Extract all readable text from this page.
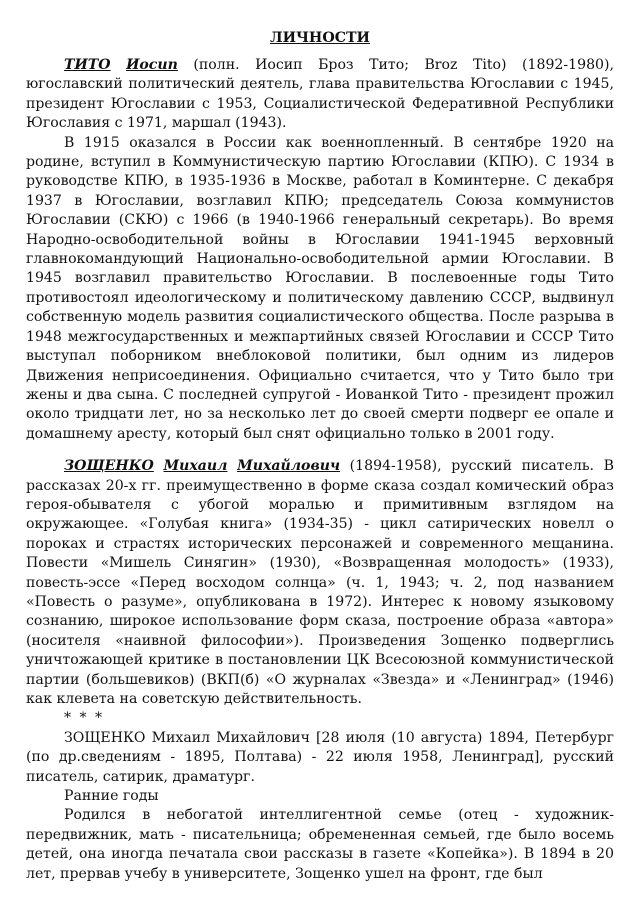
ЛИЧНОСТИ

ТИТО Иосип (полн. Иосип Броз Тито; Broz Tito) (1892-1980), югославский политический деятель, глава правительства Югославии с 1945, президент Югославии с 1953, Социалистической Федеративной Республики Югославия с 1971, маршал (1943).

В 1915 оказался в России как военнопленный. В сентябре 1920 на родине, вступил в Коммунистическую партию Югославии (КПЮ). С 1934 в руководстве КПЮ, в 1935-1936 в Москве, работал в Коминтерне. С декабря 1937 в Югославии, возглавил КПЮ; председатель Союза коммунистов Югославии (СКЮ) с 1966 (в 1940-1966 генеральный секретарь). Во время Народно-освободительной войны в Югославии 1941-1945 верховный главнокомандующий Национально-освободительной армии Югославии. В 1945 возглавил правительство Югославии. В послевоенные годы Тито противостоял идеологическому и политическому давлению СССР, выдвинул собственную модель развития социалистического общества. После разрыва в 1948 межгосударственных и межпартийных связей Югославии и СССР Тито выступал поборником внеблоковой политики, был одним из лидеров Движения неприсоединения. Официально считается, что у Тито было три жены и два сына. С последней супругой - Иованкой Тито - президент прожил около тридцати лет, но за несколько лет до своей смерти подверг ее опале и домашнему аресту, который был снят официально только в 2001 году.

ЗОЩЕНКО Михаил Михайлович (1894-1958), русский писатель. В рассказах 20-х гг. преимущественно в форме сказа создал комический образ героя-обывателя с убогой моралью и примитивным взглядом на окружающее. «Голубая книга» (1934-35) - цикл сатирических новелл о пороках и страстях исторических персонажей и современного мещанина. Повести «Мишель Синягин» (1930), «Возвращенная молодость» (1933), повесть-эссе «Перед восходом солнца» (ч. 1, 1943; ч. 2, под названием «Повесть о разуме», опубликована в 1972). Интерес к новому языковому сознанию, широкое использование форм сказа, построение образа «автора» (носителя «наивной философии»). Произведения Зощенко подверглись уничтожающей критике в постановлении ЦК Всесоюзной коммунистической партии (большевиков) (ВКП(б) «О журналах «Звезда» и «Ленинград» (1946) как клевета на советскую действительность.

* * *

ЗОЩЕНКО Михаил Михайлович [28 июля (10 августа) 1894, Петербург (по др.сведениям - 1895, Полтава) - 22 июля 1958, Ленинград], русский писатель, сатирик, драматург.

Ранние годы

Родился в небогатой интеллигентной семье (отец - художник-передвижник, мать - писательница; обремененная семьей, где было восемь детей, она иногда печатала свои рассказы в газете «Копейка»). В 1894 в 20 лет, прервав учебу в университете, Зощенко ушел на фронт, где был
